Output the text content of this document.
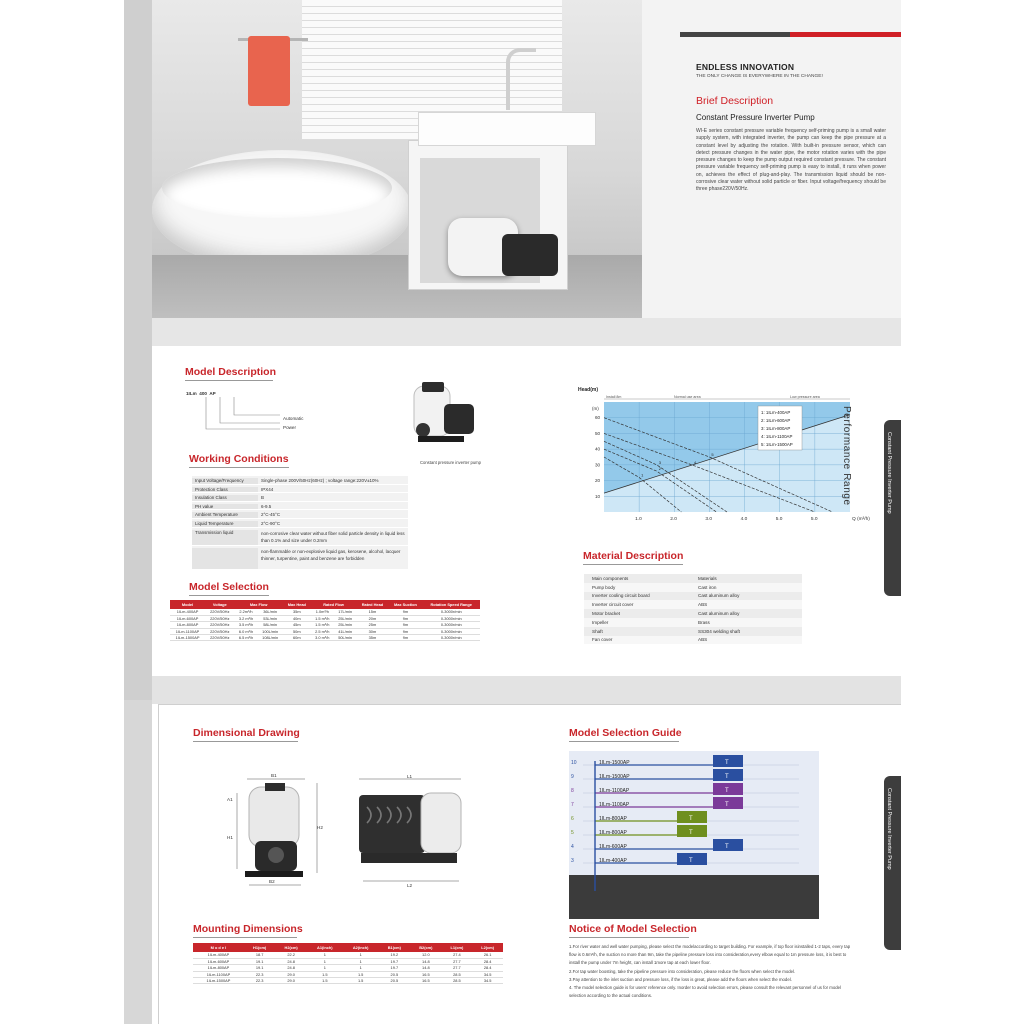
ENDLESS INNOVATION
THE ONLY CHANGE IS EVERYWHERE IN THE CHANGE!
Brief Description
Constant Pressure Inverter Pump
WI-E series constant pressure variable frequency self-priming pump is a small water supply system, with integrated inverter, the pump can keep the pipe pressure at a constant level by adjusting the rotation. With built-in pressure sensor, which can detect pressure changes in the water pipe, the motor rotation varies with the pipe pressure changes to keep the pump output required constant pressure. The constant pressure variable frequency self-priming pump is easy to install, it runs when power on, achieves the effect of plug-and-play. The transmission liquid should be non-corrosive clear water without solid particle or fiber. Input voltage/frequency should be three phase220V/50Hz.
Model Description
1ILm  400  AP
Automatic
Power
Constant pressure inverter pump
Working Conditions
Input Voltage/Frequency	Single-phase 200V/50Hz(60Hz) ; voltage range:220V±10%
Protection Class	IPX44
Insulation Class	B
PH value	6-9.5
Ambient Temperature	2°C-45°C
Liquid Temperature	2°C-90°C
Transmission liquid	non-corrosive clear water without fiber solid particle density in liquid less than 0.1% and size under 0.2mm
non-flammable or non-explosive liquid gas, kerosene, alcohol, lacquer thinner, turpentine, paint and benzene are forbidden
Model Selection
Model	Voltage	Max Flow		Max Head	Rated Flow		Rated Head	Max Suction	Rotation Speed Range
1ILm-400AP	220V/50Hz	2.2m³/h	36L/min	35m	1.0m³/h	17L/min	15m	9m	0-3000r/min
1ILm-600AP	220V/50Hz	3.2 m³/h	53L/min	40m	1.5 m³/h	25L/min	20m	9m	0-3000r/min
1ILm-800AP	220V/50Hz	3.5 m³/h	58L/min	45m	1.5 m³/h	25L/min	25m	9m	0-3000r/min
1ILm-1100AP	220V/50Hz	6.0 m³/h	100L/min	50m	2.5 m³/h	41L/min	30m	9m	0-3000r/min
1ILm-1500AP	220V/50Hz	6.5 m³/h	108L/min	60m	3.0 m³/h	50L/min	35m	9m	0-3000r/min
Head(m)
(m)
Install 8m	Normal use area	Low pressure area
1
2
3	4
5
10
20
30
40
50
60
1.0	2.0	3.0	4.0	5.0	5.0	Q (m³/h)
1: 1ILm-400AP
2: 1ILm-600AP
3: 1ILm-800AP
4: 1ILm-1100AP
5: 1ILm-1500AP	Performance Range
Material Description
Main components	Materials
Pump body	Cast iron
Inverter cooling circuit board	Cast aluminum alloy
Inverter circuit cover	ABS
Motor bracket	Cast aluminum alloy
Impeller	Brass
Shaft	SS304 welding shaft
Fan cover	ABS
Constant Pressure Inverter Pump
Dimensional Drawing
B1
A2
A1
H1
H2
B2
L1
L2
Mounting Dimensions
M o d e l	H1(cm)	H2(cm)	A1(inch)	A2(inch)	B1(cm)	B2(cm)	L1(cm)	L2(cm)
1ILm-400AP	18.7	22.2	1	1	19.2	12.0	27.4	26.1
1ILm-600AP	19.1	24.8	1	1	19.7	14.8	27.7	28.4
1ILm-800AP	19.1	24.8	1	1	19.7	14.8	27.7	28.4
1ILm-1100AP	22.3	29.0	1.5	1.5	20.5	16.5	28.5	34.5
1ILm-1500AP	22.3	29.0	1.5	1.5	20.5	16.5	28.5	34.5
Model Selection Guide
10	1ILm-1500AP	T
9	1ILm-1500AP	T
8	1ILm-1100AP	T
7	1ILm-1100AP	T
6	1ILm-800AP	T
5	1ILm-800AP	T
4	1ILm-600AP	T
3	1ILm-400AP	T
Notice of Model Selection
1.For river water and well water pumping, please select the modelaccording to target building. For example, if top floor isinstalled 1-2 taps, every tap
flow is 0.6m³/h, the suction no more than 9m, take the pipeline pressure loss into consideration,every elbow equal to 1m pressure loss, it is best to
install the pump under 7m height, can install 1more tap at each lower floor.
2.For tap water boosting, take the pipeline pressure into consideration, please reduce the floors when select the model.
3.Pay attention to the inlet suction and pressure loss, if the loss is great, please add the floors when select the model.
4. The model selection guide is for users' reference only. Inorder to avoid selection errors, please consult the relevant personnel of us for model
selection according to the actual conditions.
Constant Pressure Inverter Pump
